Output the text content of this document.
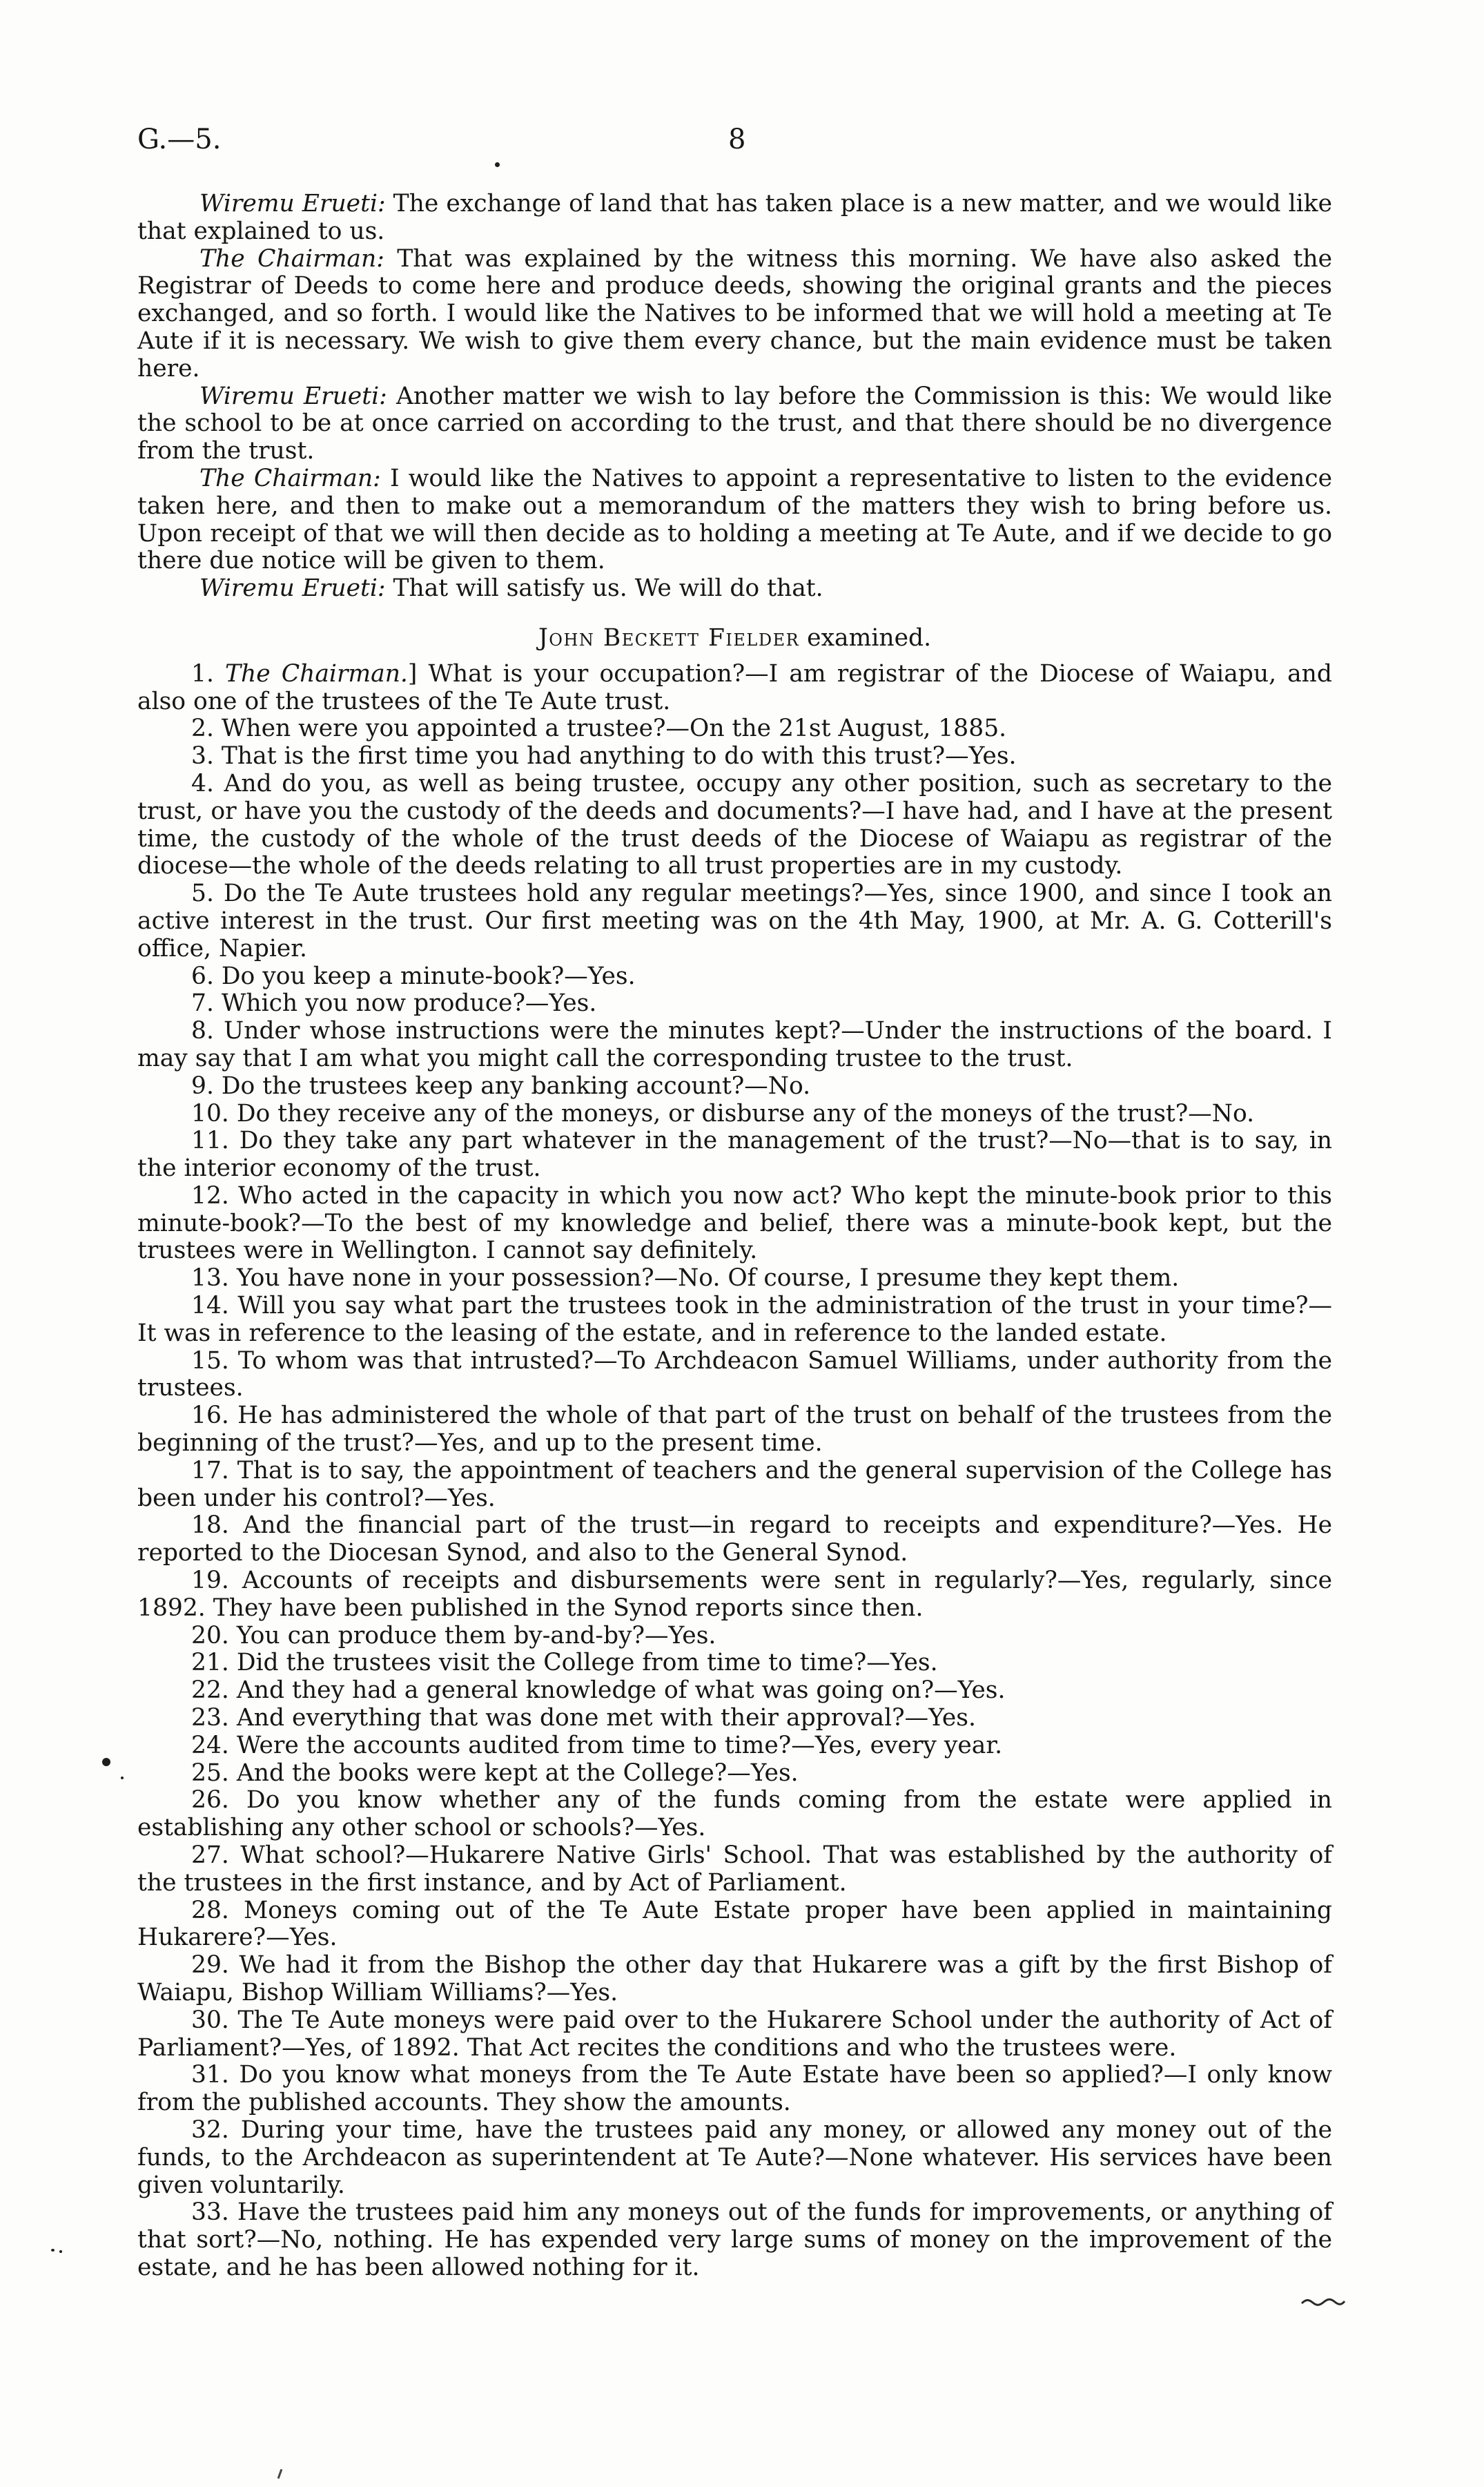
G.—5.	8

Wiremu Erueti: The exchange of land that has taken place is a new matter, and we would like that explained to us.

The Chairman: That was explained by the witness this morning. We have also asked the Registrar of Deeds to come here and produce deeds, showing the original grants and the pieces exchanged, and so forth. I would like the Natives to be informed that we will hold a meeting at Te Aute if it is necessary. We wish to give them every chance, but the main evidence must be taken here.

Wiremu Erueti: Another matter we wish to lay before the Commission is this: We would like the school to be at once carried on according to the trust, and that there should be no divergence from the trust.

The Chairman: I would like the Natives to appoint a representative to listen to the evidence taken here, and then to make out a memorandum of the matters they wish to bring before us. Upon receipt of that we will then decide as to holding a meeting at Te Aute, and if we decide to go there due notice will be given to them.

Wiremu Erueti: That will satisfy us. We will do that.

John Beckett Fielder examined.

1. The Chairman.] What is your occupation?—I am registrar of the Diocese of Waiapu, and also one of the trustees of the Te Aute trust.

2. When were you appointed a trustee?—On the 21st August, 1885.

3. That is the first time you had anything to do with this trust?—Yes.

4. And do you, as well as being trustee, occupy any other position, such as secretary to the trust, or have you the custody of the deeds and documents?—I have had, and I have at the present time, the custody of the whole of the trust deeds of the Diocese of Waiapu as registrar of the diocese—the whole of the deeds relating to all trust properties are in my custody.

5. Do the Te Aute trustees hold any regular meetings?—Yes, since 1900, and since I took an active interest in the trust. Our first meeting was on the 4th May, 1900, at Mr. A. G. Cotterill's office, Napier.

6. Do you keep a minute-book?—Yes.

7. Which you now produce?—Yes.

8. Under whose instructions were the minutes kept?—Under the instructions of the board. I may say that I am what you might call the corresponding trustee to the trust.

9. Do the trustees keep any banking account?—No.

10. Do they receive any of the moneys, or disburse any of the moneys of the trust?—No.

11. Do they take any part whatever in the management of the trust?—No—that is to say, in the interior economy of the trust.

12. Who acted in the capacity in which you now act? Who kept the minute-book prior to this minute-book?—To the best of my knowledge and belief, there was a minute-book kept, but the trustees were in Wellington. I cannot say definitely.

13. You have none in your possession?—No. Of course, I presume they kept them.

14. Will you say what part the trustees took in the administration of the trust in your time?—It was in reference to the leasing of the estate, and in reference to the landed estate.

15. To whom was that intrusted?—To Archdeacon Samuel Williams, under authority from the trustees.

16. He has administered the whole of that part of the trust on behalf of the trustees from the beginning of the trust?—Yes, and up to the present time.

17. That is to say, the appointment of teachers and the general supervision of the College has been under his control?—Yes.

18. And the financial part of the trust—in regard to receipts and expenditure?—Yes. He reported to the Diocesan Synod, and also to the General Synod.

19. Accounts of receipts and disbursements were sent in regularly?—Yes, regularly, since 1892. They have been published in the Synod reports since then.

20. You can produce them by-and-by?—Yes.

21. Did the trustees visit the College from time to time?—Yes.

22. And they had a general knowledge of what was going on?—Yes.

23. And everything that was done met with their approval?—Yes.

24. Were the accounts audited from time to time?—Yes, every year.

25. And the books were kept at the College?—Yes.

26. Do you know whether any of the funds coming from the estate were applied in establishing any other school or schools?—Yes.

27. What school?—Hukarere Native Girls' School. That was established by the authority of the trustees in the first instance, and by Act of Parliament.

28. Moneys coming out of the Te Aute Estate proper have been applied in maintaining Hukarere?—Yes.

29. We had it from the Bishop the other day that Hukarere was a gift by the first Bishop of Waiapu, Bishop William Williams?—Yes.

30. The Te Aute moneys were paid over to the Hukarere School under the authority of Act of Parliament?—Yes, of 1892. That Act recites the conditions and who the trustees were.

31. Do you know what moneys from the Te Aute Estate have been so applied?—I only know from the published accounts. They show the amounts.

32. During your time, have the trustees paid any money, or allowed any money out of the funds, to the Archdeacon as superintendent at Te Aute?—None whatever. His services have been given voluntarily.

33. Have the trustees paid him any moneys out of the funds for improvements, or anything of that sort?—No, nothing. He has expended very large sums of money on the improvement of the estate, and he has been allowed nothing for it.
